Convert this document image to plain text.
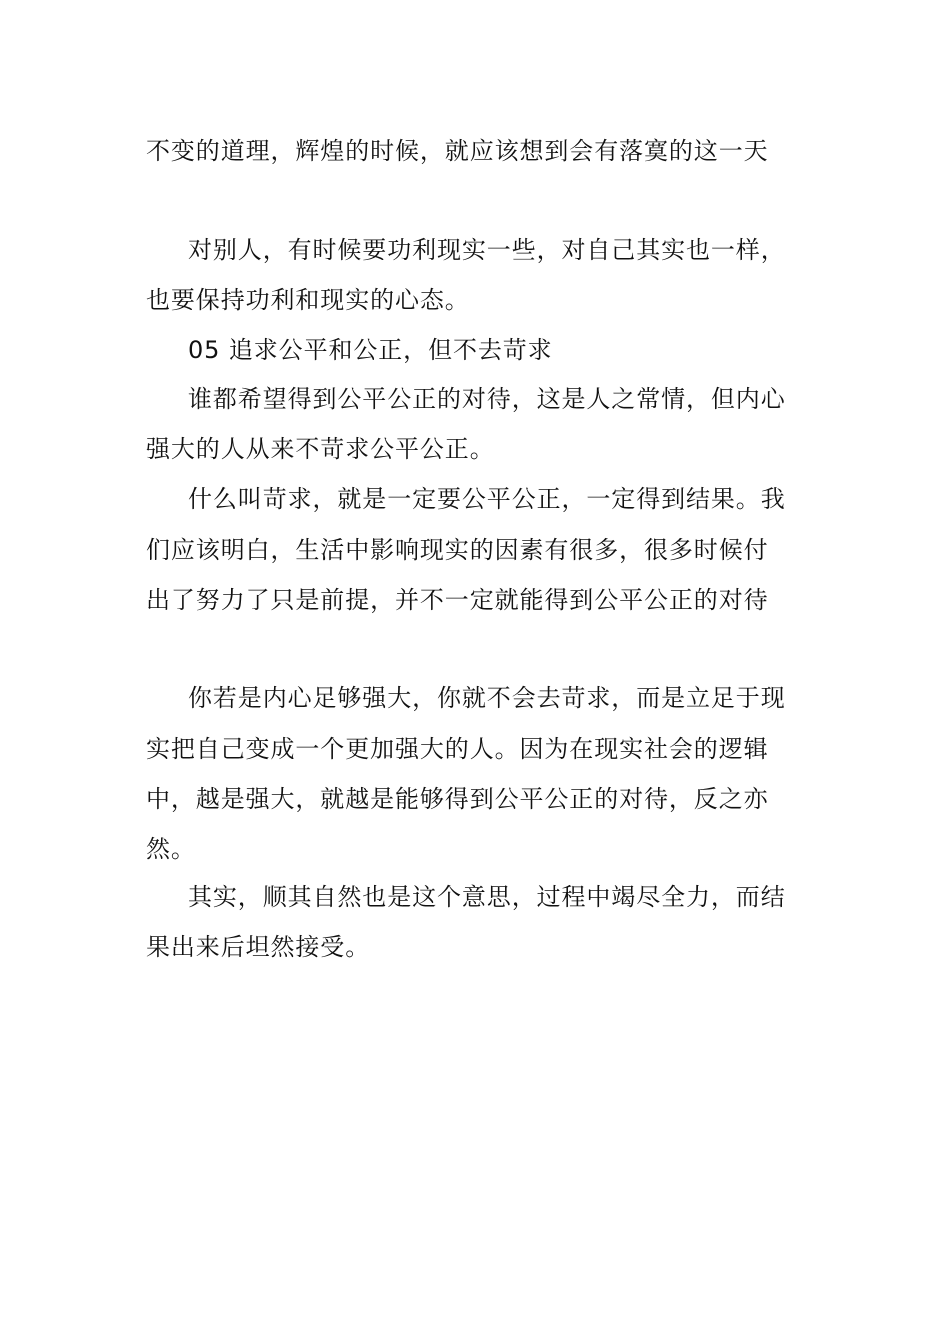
不变的道理，辉煌的时候，就应该想到会有落寞的这一天

对别人，有时候要功利现实一些，对自己其实也一样，

也要保持功利和现实的心态。

05 追求公平和公正，但不去苛求

谁都希望得到公平公正的对待，这是人之常情，但内心

强大的人从来不苛求公平公正。

什么叫苛求，就是一定要公平公正，一定得到结果。我

们应该明白，生活中影响现实的因素有很多，很多时候付

出了努力了只是前提，并不一定就能得到公平公正的对待

你若是内心足够强大，你就不会去苛求，而是立足于现

实把自己变成一个更加强大的人。因为在现实社会的逻辑

中，越是强大，就越是能够得到公平公正的对待，反之亦

然。

其实，顺其自然也是这个意思，过程中竭尽全力，而结

果出来后坦然接受。
